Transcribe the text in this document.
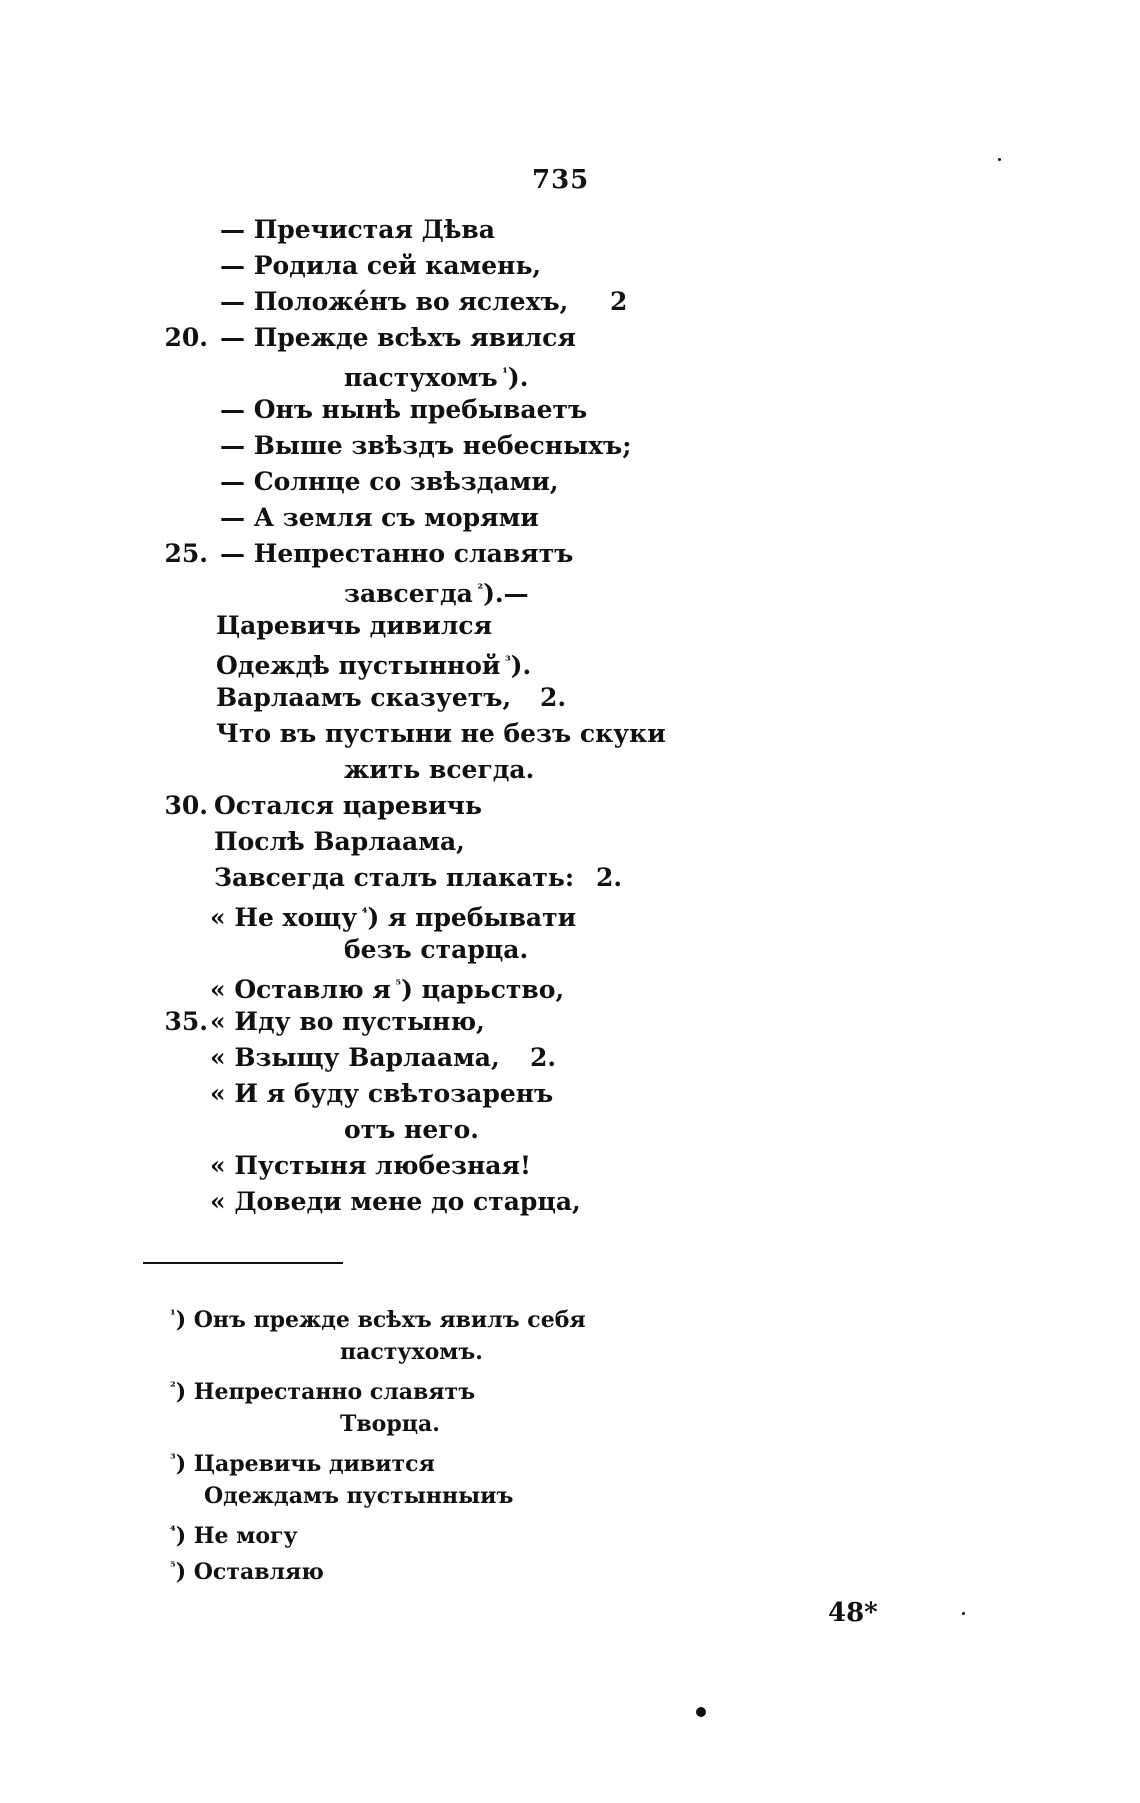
735
— Пречистая Дѣва
— Родила сей камень,
— Положе́нъ во яслехъ, 2
20. — Прежде всѣхъ явился
пастухомъ $^{^1}$).
— Онъ нынѣ пребываетъ
— Выше звѣздъ небесныхъ;
— Солнце со звѣздами,
— А земля съ морями
25. — Непрестанно славятъ
завсегда $^{^2}$).—
Царевичь дивился
Одеждѣ пустынной $^{^3}$).
Варлаамъ сказуетъ, 2.
Что въ пустыни не безъ скуки
жить всегда.
30. Остался царевичь
Послѣ Варлаама,
Завсегда сталъ плакать: 2.
« Не хощу $^{^4}$) я пребывати
безъ старца.
« Оставлю я $^{^5}$) царьство,
35. « Иду во пустыню,
« Взыщу Варлаама, 2.
« И я буду свѣтозаренъ
отъ него.
« Пустыня любезная!
« Доведи мене до старца,
$^{^1}$) Онъ прежде всѣхъ явилъ себя
пастухомъ.
$^{^2}$) Непрестанно славятъ
Творца.
$^{^3}$) Царевичь дивится
Одеждамъ пустынныиъ
$^{^4}$) Не могу
$^{^5}$) Оставляю
48*
